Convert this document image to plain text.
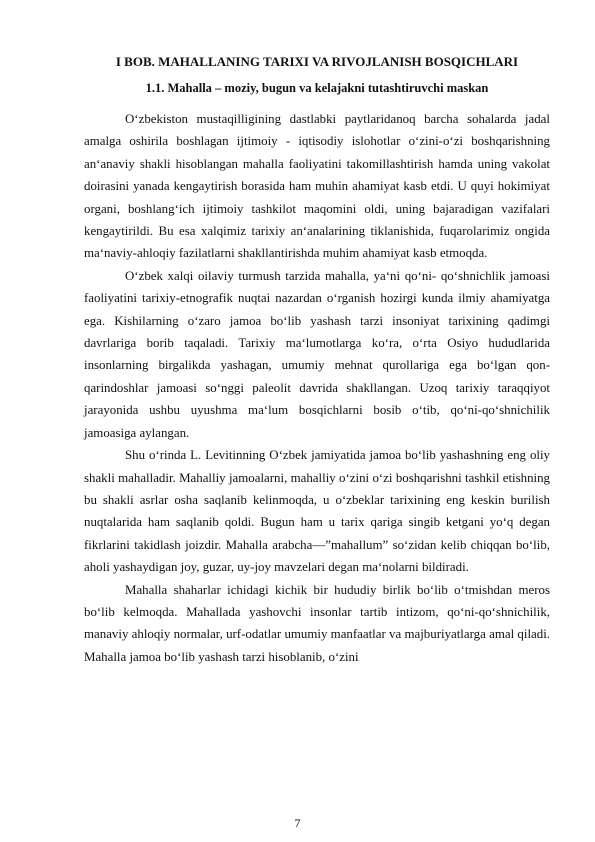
I BOB. MAHALLANING TARIXI VA RIVOJLANISH BOSQICHLARI
1.1. Mahalla – moziy, bugun va kelajakni tutashtiruvchi maskan

O‘zbekiston mustaqilligining dastlabki paytlaridanoq barcha sohalarda jadal amalga oshirila boshlagan ijtimoiy - iqtisodiy islohotlar o‘zini-o‘zi boshqarishning an‘anaviy shakli hisoblangan mahalla faoliyatini takomillashtirish hamda uning vakolat doirasini yanada kengaytirish borasida ham muhin ahamiyat kasb etdi. U quyi hokimiyat organi, boshlang‘ich ijtimoiy tashkilot maqomini oldi, uning bajaradigan vazifalari kengaytirildi. Bu esa xalqimiz tarixiy an‘analarining tiklanishida, fuqarolarimiz ongida ma‘naviy-ahloqiy fazilatlarni shakllantirishda muhim ahamiyat kasb etmoqda.

O‘zbek xalqi oilaviy turmush tarzida mahalla, ya‘ni qo‘ni- qo‘shnichlik jamoasi faoliyatini tarixiy-etnografik nuqtai nazardan o‘rganish hozirgi kunda ilmiy ahamiyatga ega. Kishilarning o‘zaro jamoa bo‘lib yashash tarzi insoniyat tarixining qadimgi davrlariga borib taqaladi. Tarixiy ma‘lumotlarga ko‘ra, o‘rta Osiyo hududlarida insonlarning birgalikda yashagan, umumiy mehnat qurollariga ega bo‘lgan qon-qarindoshlar jamoasi so‘nggi paleolit davrida shakllangan. Uzoq tarixiy taraqqiyot jarayonida ushbu uyushma ma‘lum bosqichlarni bosib o‘tib, qo‘ni-qo‘shnichilik jamoasiga aylangan.

Shu o‘rinda L. Levitinning O‘zbek jamiyatida jamoa bo‘lib yashashning eng oliy shakli mahalladir. Mahalliy jamoalarni, mahalliy o‘zini o‘zi boshqarishni tashkil etishning bu shakli asrlar osha saqlanib kelinmoqda, u o‘zbeklar tarixining eng keskin burilish nuqtalarida ham saqlanib qoldi. Bugun ham u tarix qariga singib ketgani yo‘q degan fikrlarini takidlash joizdir. Mahalla arabcha—”mahallum” so‘zidan kelib chiqqan bo‘lib, aholi yashaydigan joy, guzar, uy-joy mavzelari degan ma‘nolarni bildiradi.

Mahalla shaharlar ichidagi kichik bir hududiy birlik bo‘lib o‘tmishdan meros bo‘lib kelmoqda. Mahallada yashovchi insonlar tartib intizom, qo‘ni-qo‘shnichilik, manaviy ahloqiy normalar, urf-odatlar umumiy manfaatlar va majburiyatlarga amal qiladi. Mahalla jamoa bo‘lib yashash tarzi hisoblanib, o‘zini

7
